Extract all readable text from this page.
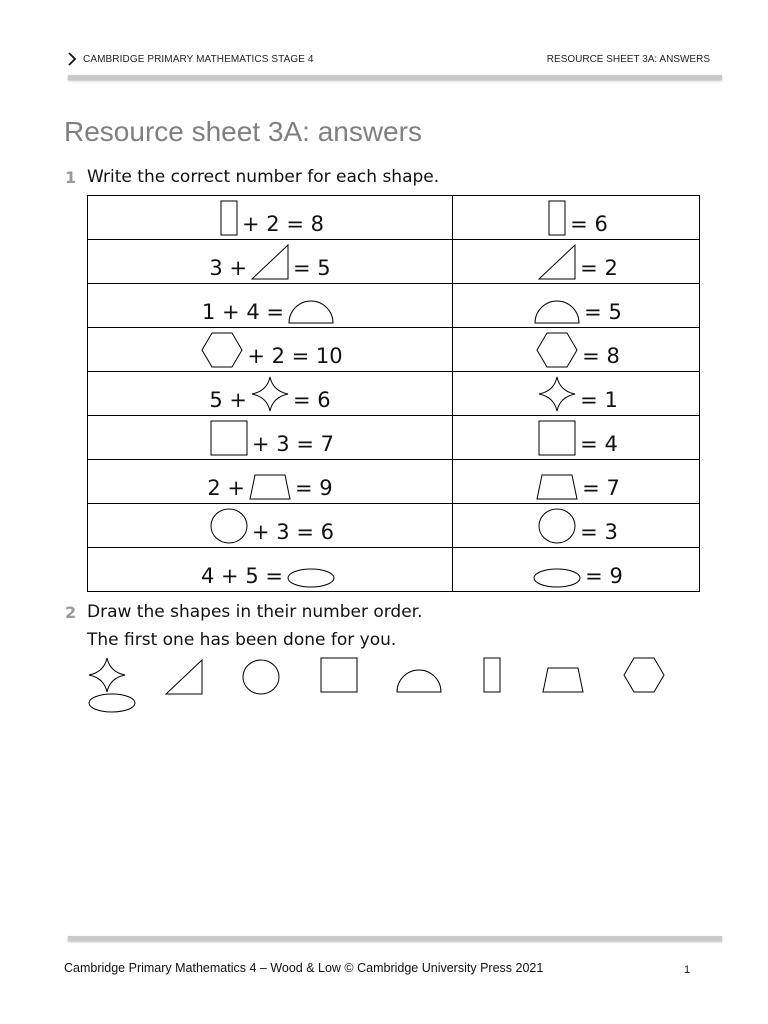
CAMBRIDGE PRIMARY MATHEMATICS STAGE 4	RESOURCE SHEET 3A: ANSWERS
Resource sheet 3A: answers
1 Write the correct number for each shape.
+ 2 = 8	= 6

3 + = 5	= 2

1 + 4 =	= 5

+ 2 = 10	= 8

5 + = 6	= 1

+ 3 = 7	= 4

2 + = 9	= 7

+ 3 = 6	= 3

4 + 5 =	= 9
2 Draw the shapes in their number order.
The first one has been done for you.
Cambridge Primary Mathematics 4 – Wood & Low © Cambridge University Press 2021	1
